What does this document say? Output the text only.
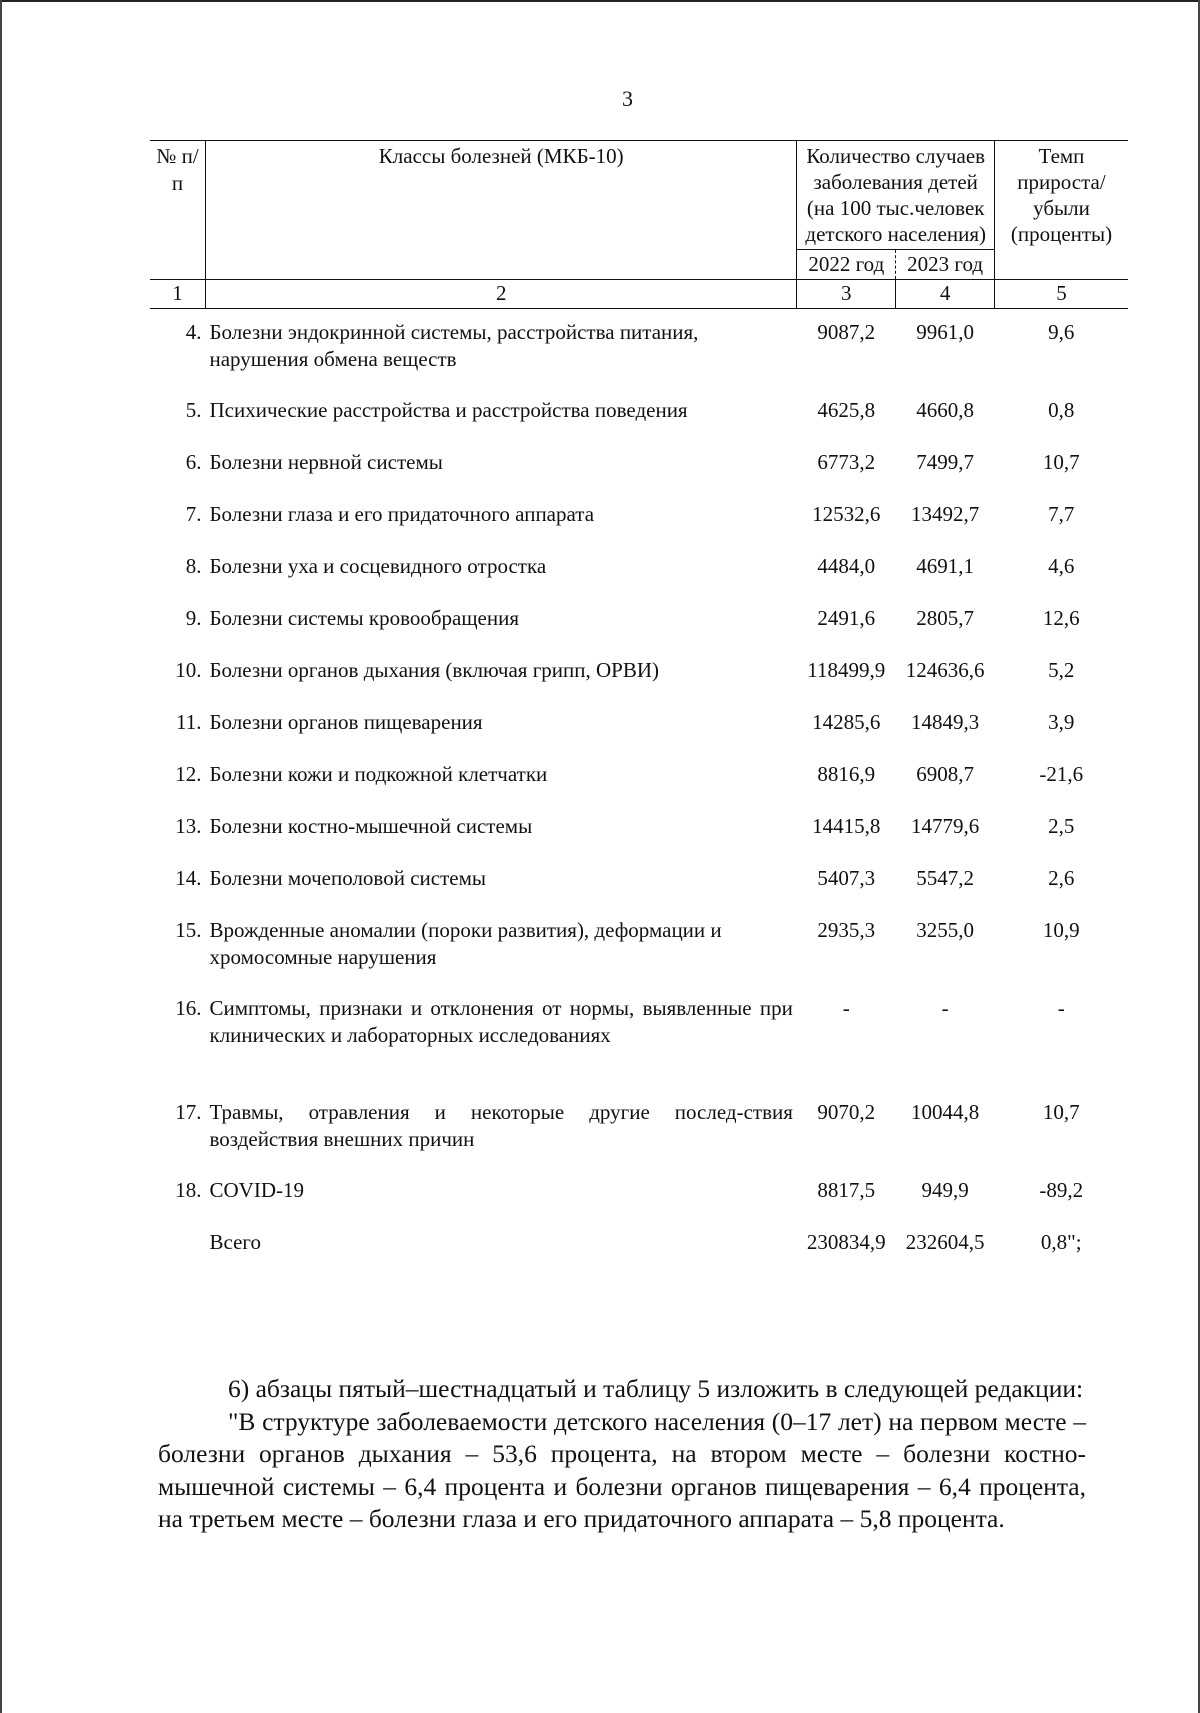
3
№ п/п	Классы болезней (МКБ-10)	Количество случаев заболевания детей (на 100 тыс.человек детского населения)		Темп прироста/ убыли (проценты)
		2022 год	2023 год	
1	2	3	4	5
4.	Болезни эндокринной системы, расстройства питания, нарушения обмена веществ	9087,2	9961,0	9,6
5.	Психические расстройства и расстройства поведения	4625,8	4660,8	0,8
6.	Болезни нервной системы	6773,2	7499,7	10,7
7.	Болезни глаза и его придаточного аппарата	12532,6	13492,7	7,7
8.	Болезни уха и сосцевидного отростка	4484,0	4691,1	4,6
9.	Болезни системы кровообращения	2491,6	2805,7	12,6
10.	Болезни органов дыхания (включая грипп, ОРВИ)	118499,9	124636,6	5,2
11.	Болезни органов пищеварения	14285,6	14849,3	3,9
12.	Болезни кожи и подкожной клетчатки	8816,9	6908,7	-21,6
13.	Болезни костно-мышечной системы	14415,8	14779,6	2,5
14.	Болезни мочеполовой системы	5407,3	5547,2	2,6
15.	Врожденные аномалии (пороки развития), деформации и хромосомные нарушения	2935,3	3255,0	10,9
16.	Симптомы, признаки и отклонения от нормы, выявленные при клинических и лабораторных исследованиях	-	-	-
17.	Травмы, отравления и некоторые другие послед-ствия воздействия внешних причин	9070,2	10044,8	10,7
18.	COVID-19	8817,5	949,9	-89,2
	Всего	230834,9	232604,5	0,8";

6) абзацы пятый–шестнадцатый и таблицу 5 изложить в следующей редакции:

"В структуре заболеваемости детского населения (0–17 лет) на первом месте – болезни органов дыхания – 53,6 процента, на втором месте – болезни костно-мышечной системы – 6,4 процента и болезни органов пищеварения – 6,4 процента, на третьем месте – болезни глаза и его придаточного аппарата – 5,8 процента.
